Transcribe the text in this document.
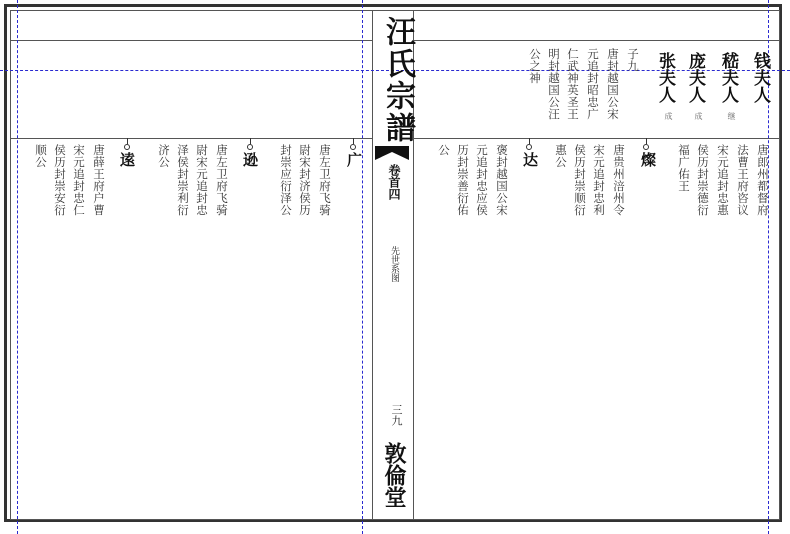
汪氏宗譜
卷首四
先世系图
三九
敦倫堂
钱夫人
嵇夫人
继
庞夫人
成
张夫人
成
子九
唐封越国公宋
元追封昭忠广
仁武神英圣王
明封越国公汪
公之神
唐郎州都督府
法曹王府咨议
宋元追封忠惠
侯历封崇德衍
福广佑王
燦
唐贵州涪州令
宋元追封忠利
侯历封崇顺衍
惠公
达
褒封越国公宋
元追封忠应侯
历封崇善衍佑
公
广
唐左卫府飞骑
尉宋封济侯历
封崇应衍泽公
逊
唐左卫府飞骑
尉宋元追封忠
泽侯封崇利衍
济公
逺
唐薛王府户曹
宋元追封忠仁
侯历封崇安衍
顺公
